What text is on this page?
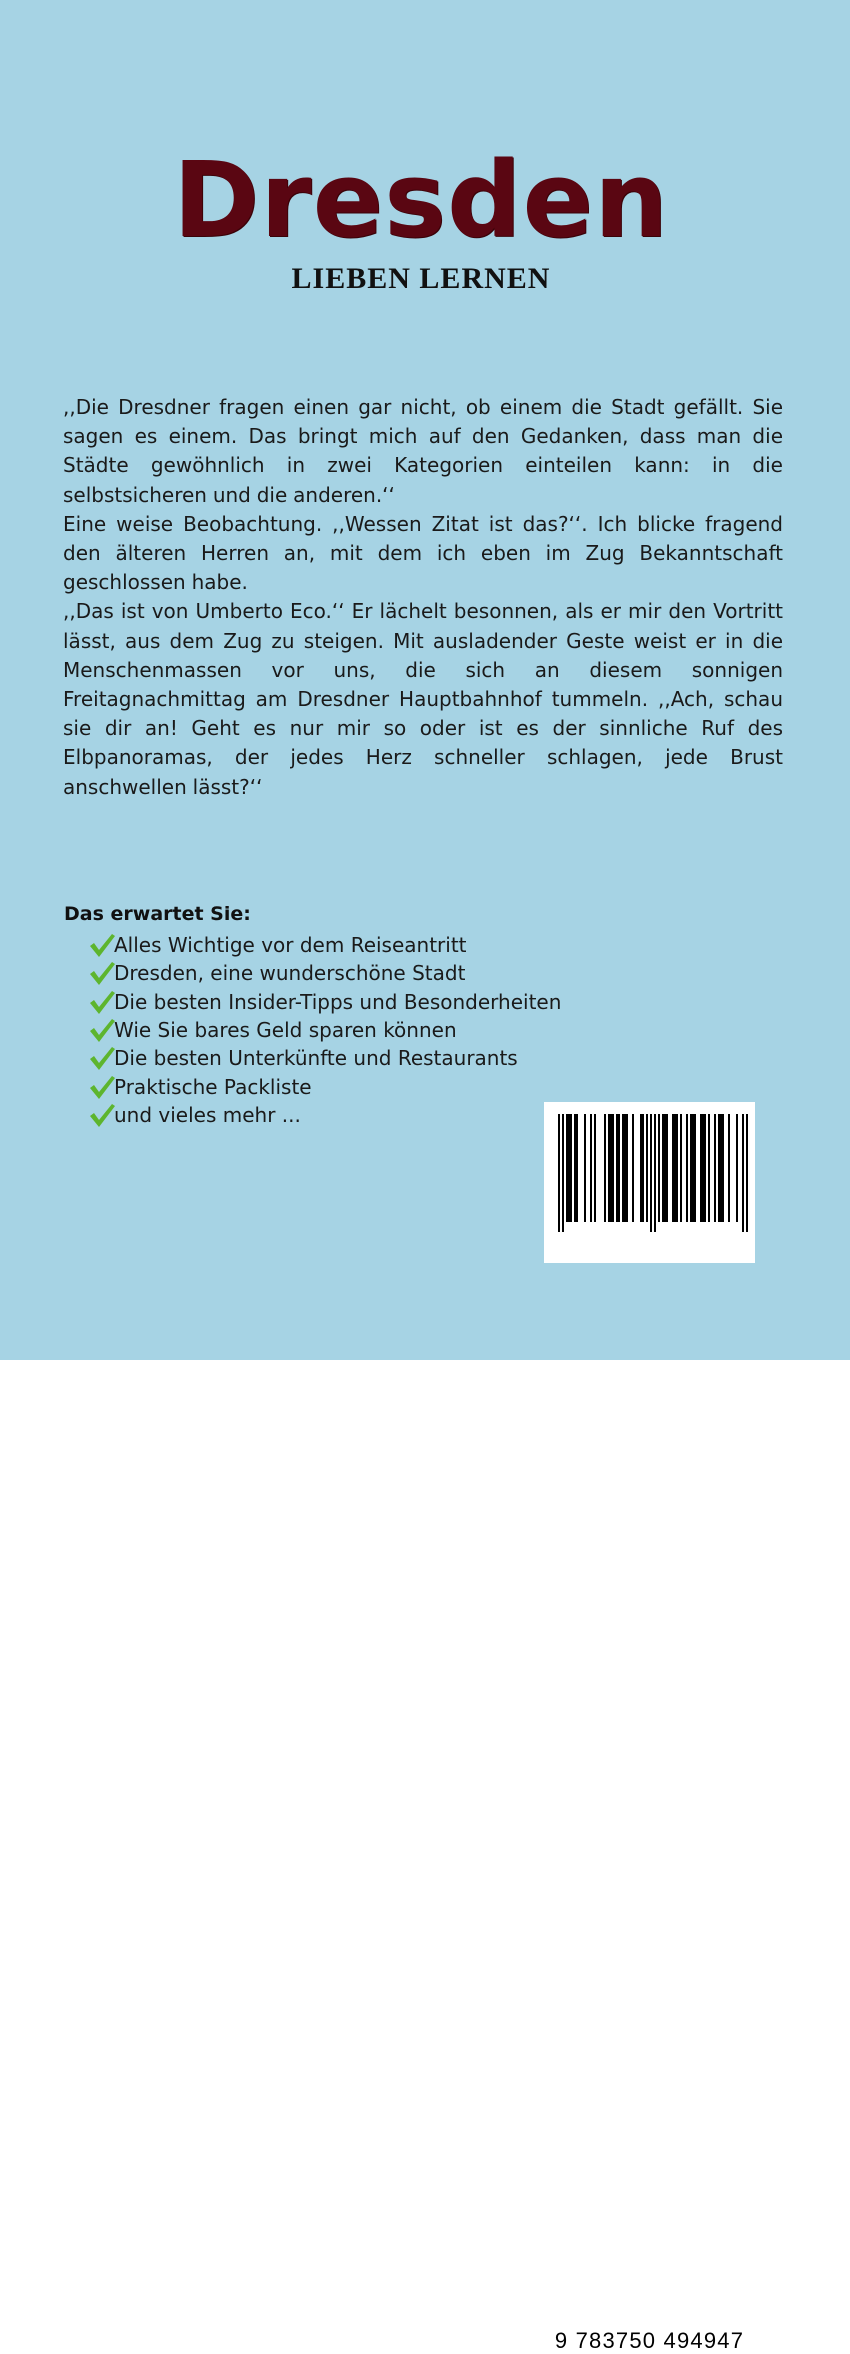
Dresden
LIEBEN LERNEN

,,Die Dresdner fragen einen gar nicht, ob einem die Stadt gefällt. Sie sagen es einem. Das bringt mich auf den Gedanken, dass man die Städte gewöhnlich in zwei Kategorien einteilen kann: in die selbstsicheren und die anderen.‘‘

Eine weise Beobachtung. ,,Wessen Zitat ist das?‘‘. Ich blicke fragend den älteren Herren an, mit dem ich eben im Zug Bekanntschaft geschlossen habe.

,,Das ist von Umberto Eco.‘‘ Er lächelt besonnen, als er mir den Vortritt lässt, aus dem Zug zu steigen. Mit ausladender Geste weist er in die Menschenmassen vor uns, die sich an diesem sonnigen Freitagnachmittag am Dresdner Hauptbahnhof tummeln. ,,Ach, schau sie dir an! Geht es nur mir so oder ist es der sinnliche Ruf des Elbpanoramas, der jedes Herz schneller schlagen, jede Brust anschwellen lässt?‘‘

Das erwartet Sie:
Alles Wichtige vor dem Reiseantritt
Dresden, eine wunderschöne Stadt
Die besten Insider-Tipps und Besonderheiten
Wie Sie bares Geld sparen können
Die besten Unterkünfte und Restaurants
Praktische Packliste
und vieles mehr ...
9 783750 494947
